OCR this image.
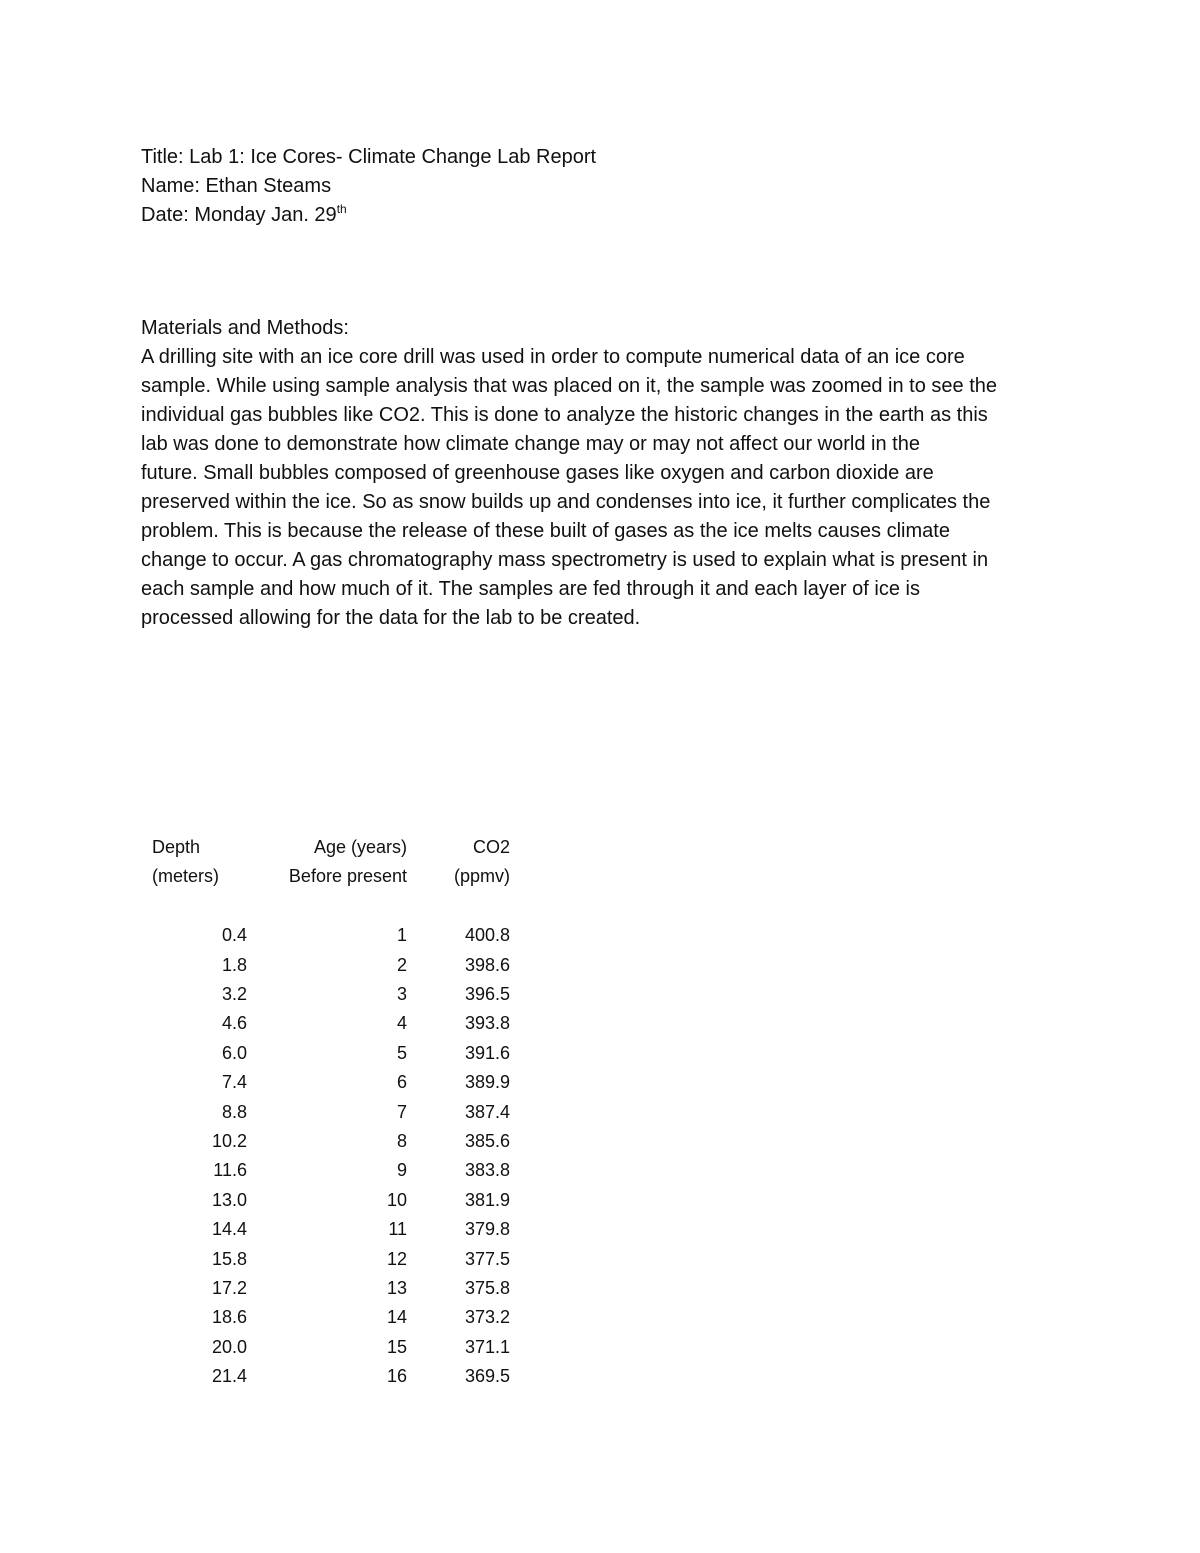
Title: Lab 1: Ice Cores- Climate Change Lab Report
Name: Ethan Steams
Date: Monday Jan. 29th
Materials and Methods:

A drilling site with an ice core drill was used in order to compute numerical data of an ice core

sample. While using sample analysis that was placed on it, the sample was zoomed in to see the

individual gas bubbles like CO2. This is done to analyze the historic changes in the earth as this

lab was done to demonstrate how climate change may or may not affect our world in the

future. Small bubbles composed of greenhouse gases like oxygen and carbon dioxide are

preserved within the ice. So as snow builds up and condenses into ice, it further complicates the

problem. This is because the release of these built of gases as the ice melts causes climate

change to occur. A gas chromatography mass spectrometry is used to explain what is present in

each sample and how much of it. The samples are fed through it and each layer of ice is

processed allowing for the data for the lab to be created.

Depth	Age (years)	CO2
(meters)	Before present	(ppmv)

0.4	1	400.8
1.8	2	398.6
3.2	3	396.5
4.6	4	393.8
6.0	5	391.6
7.4	6	389.9
8.8	7	387.4
10.2	8	385.6
11.6	9	383.8
13.0	10	381.9
14.4	11	379.8
15.8	12	377.5
17.2	13	375.8
18.6	14	373.2
20.0	15	371.1
21.4	16	369.5
